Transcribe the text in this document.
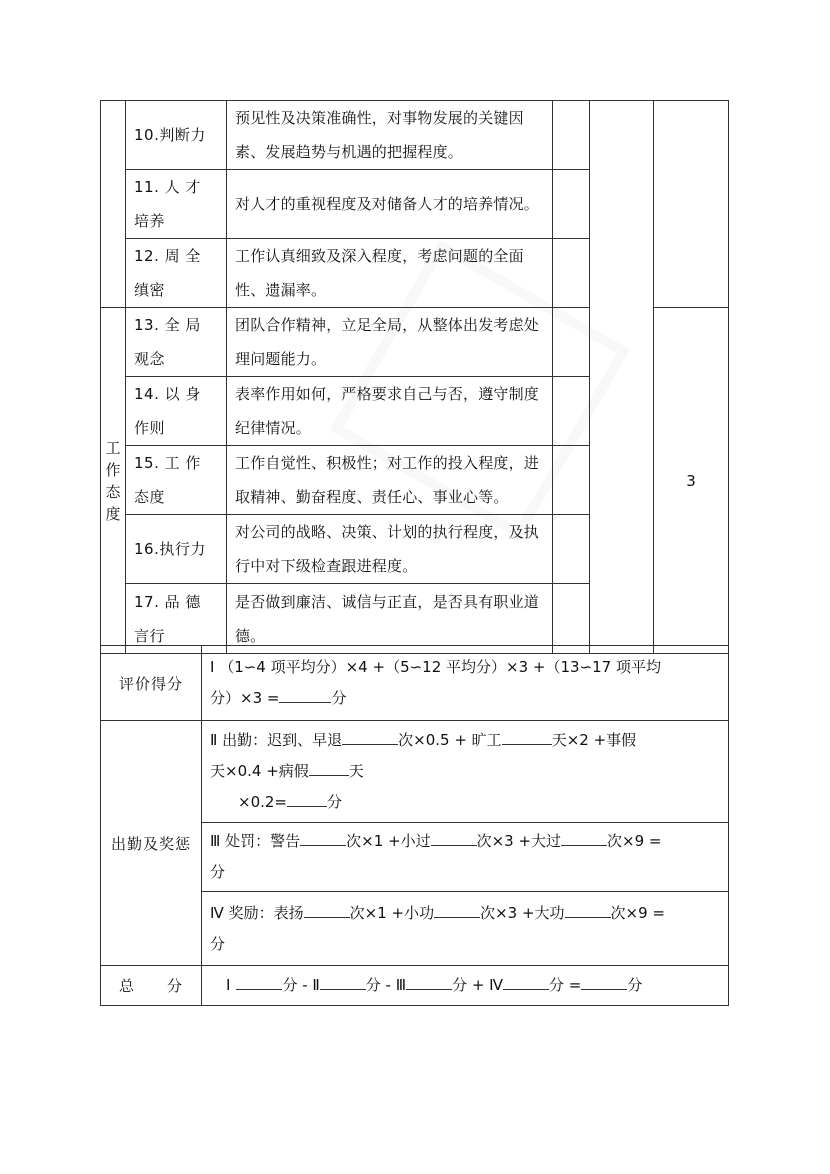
	10.判断力	预见性及决策准确性，对事物发展的关键因素、发展趋势与机遇的把握程度。			
	11. 人 才 培养	对人才的重视程度及对储备人才的培养情况。			
	12. 周 全 缜密	工作认真细致及深入程度，考虑问题的全面性、遗漏率。			

工
作
态
度	13. 全 局 观念	团队合作精神，立足全局，从整体出发考虑处理问题能力。			3
	14. 以 身 作则	表率作用如何，严格要求自己与否，遵守制度纪律情况。			
	15. 工 作 态度	工作自觉性、积极性；对工作的投入程度，进取精神、勤奋程度、责任心、事业心等。			
	16.执行力	对公司的战略、决策、计划的执行程度，及执行中对下级检查跟进程度。			
	17. 品 德 言行	是否做到廉洁、诚信与正直，是否具有职业道德。			
评价得分	Ⅰ （1∽4 项平均分）×4 +（5∽12 平均分）×3 +（13∽17 项平均
分）×3 = 分

出勤及奖惩	Ⅱ 出勤：迟到、早退 次×0.5 + 旷工 天×2 +事假
天×0.4 +病假 天
×0.2= 分

	Ⅲ 处罚：警告 次×1 +小过 次×3 +大过 次×9 =
分

	Ⅳ 奖励：表扬 次×1 +小功 次×3 +大功 次×9 =
分

总　　分	Ⅰ 分 - Ⅱ 分 - Ⅲ 分 + Ⅳ 分 = 分
